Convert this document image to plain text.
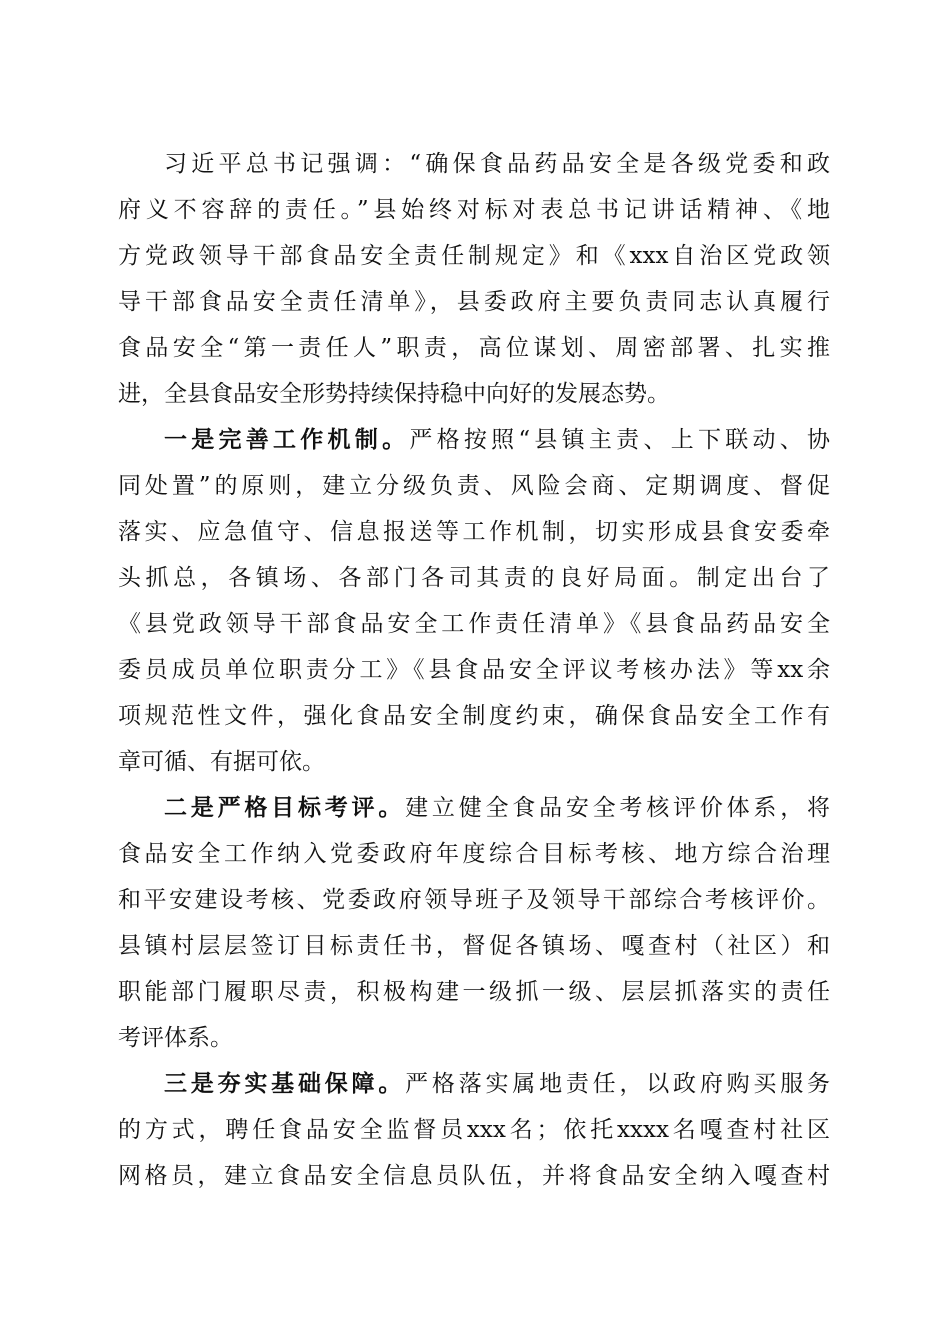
习近平总书记强调：“确保食品药品安全是各级党委和政
府义不容辞的责任。”县始终对标对表总书记讲话精神、《地
方党政领导干部食品安全责任制规定》和《xxx自治区党政领
导干部食品安全责任清单》，县委政府主要负责同志认真履行
食品安全“第一责任人”职责，高位谋划、周密部署、扎实推
进，全县食品安全形势持续保持稳中向好的发展态势。

一是完善工作机制。严格按照“县镇主责、上下联动、协
同处置”的原则，建立分级负责、风险会商、定期调度、督促
落实、应急值守、信息报送等工作机制，切实形成县食安委牵
头抓总，各镇场、各部门各司其责的良好局面。制定出台了
《县党政领导干部食品安全工作责任清单》《县食品药品安全
委员成员单位职责分工》《县食品安全评议考核办法》等xx余
项规范性文件，强化食品安全制度约束，确保食品安全工作有
章可循、有据可依。

二是严格目标考评。建立健全食品安全考核评价体系，将
食品安全工作纳入党委政府年度综合目标考核、地方综合治理
和平安建设考核、党委政府领导班子及领导干部综合考核评价。
县镇村层层签订目标责任书，督促各镇场、嘎查村（社区）和
职能部门履职尽责，积极构建一级抓一级、层层抓落实的责任
考评体系。

三是夯实基础保障。严格落实属地责任，以政府购买服务
的方式，聘任食品安全监督员xxx名；依托xxxx名嘎查村社区
网格员，建立食品安全信息员队伍，并将食品安全纳入嘎查村
